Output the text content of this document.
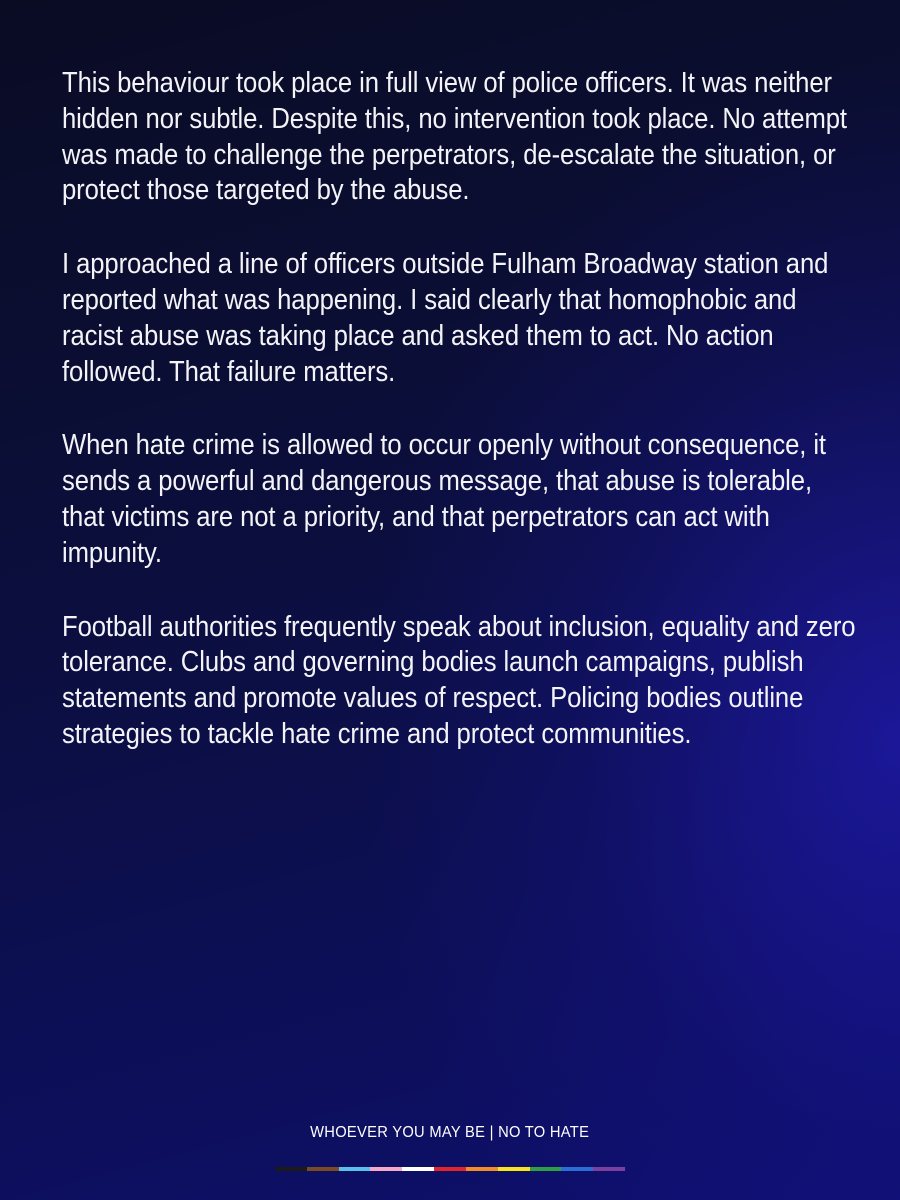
This behaviour took place in full view of police officers. It was neither hidden nor subtle. Despite this, no intervention took place. No attempt was made to challenge the perpetrators, de-escalate the situation, or protect those targeted by the abuse.

I approached a line of officers outside Fulham Broadway station and reported what was happening. I said clearly that homophobic and racist abuse was taking place and asked them to act. No action followed. That failure matters.

When hate crime is allowed to occur openly without consequence, it sends a powerful and dangerous message, that abuse is tolerable, that victims are not a priority, and that perpetrators can act with impunity.

Football authorities frequently speak about inclusion, equality and zero tolerance. Clubs and governing bodies launch campaigns, publish statements and promote values of respect. Policing bodies outline strategies to tackle hate crime and protect communities.

WHOEVER YOU MAY BE | NO TO HATE
